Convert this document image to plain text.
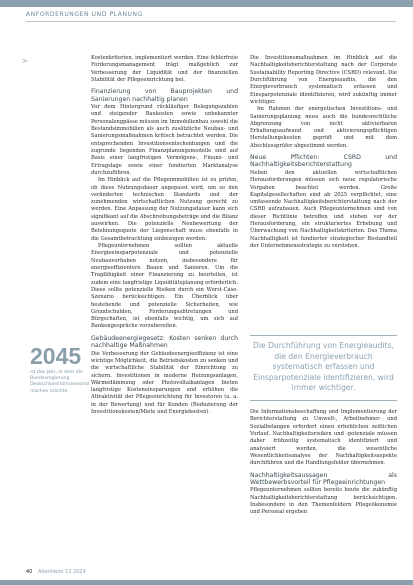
ANFORDERUNGEN UND PLANUNG
>
2045
ist das Jahr, in dem die Bundesregierung Deutschland klimaneutral machen möchte.

Kostenkriterien, implementiert werden. Eine fehlerfreie Forderungsmanagement trägt maßgeblich zur Verbesserung der Liquidität und der finanziellen Stabilität der Pflegeeinrichtung bei.

Finanzierung von Bauprojekten und Sanierungen nachhaltig planen

Vor dem Hintergrund rückläufiger Belegungszahlen und steigender Baukosten sowie unbekannter Personalengpässe müssen im Immobilienbau sowohl die Bestandsimmobilien als auch zusätzliche Neubau- und Sanierungsmaßnahmen kritisch betrachtet werden. Die entsprechenden Investitionsentscheidungen und die zugrunde liegenden Finanzplanungsmodelle sind auf Basis einer langfristigen Vermögens-, Finanz- und Ertragslage sowie einer fundierten Marktanalyse durchzuführen.

Im Hinblick auf die Pflegeimmobilien ist zu prüfen, ob diese Nutzungsdauer angepasst wird, um so den veränderten technischen Standards und der zunehmenden wirtschaftlichen Nutzung gerecht zu werden. Eine Anpassung der Nutzungsdauer kann sich signifikant auf die Abschreibungsbeträge und die Bilanz auswirken. Die potenzielle Neubewertung der Belehnungsquote der Liegenschaft muss ebenfalls in die Gesamtbetrachtung einbezogen werden.

Pflegeunternehmen sollten aktuelle Energieeinsparpotenziale und potenzielle Neubauvorhaben nutzen, insbesondere für energieeffizientere Bauen und Sanieren. Um die Tragfähigkeit einer Finanzierung zu beurteilen, ist zudem eine langfristige Liquiditätsplanung erforderlich. Diese sollte potenzielle Risiken durch ein Worst-Case-Szenario berücksichtigen. Ein Überblick über bestehende und potenzielle Sicherheiten, wie Grundschulden, Forderungsabtretungen und Bürgschaften, ist ebenfalls wichtig, um sich auf Bankengespräche vorzubereiten.

Gebäudeenergiegesetz: Kosten senken durch nachhaltige Maßnahmen

Die Verbesserung der Gebäudeenergieeffizienz ist eine wichtige Möglichkeit, die Betriebskosten zu senken und die wirtschaftliche Stabilität der Einrichtung zu sichern. Investitionen in moderne Heizungsanlagen, Wärmedämmung oder Photovoltaikanlagen bieten langfristige Kosteneinsparungen und erhöhen die Attraktivität der Pflegeeinrichtung für Investoren (u. a. in der Bewertung) und für Kunden (Reduzierung der Investitionskosten/Miete und Energiekosten).

Die Investitionsmaßnahmen im Hinblick auf die Nachhaltigkeitsberichterstattung nach der Corporate Sustainability Reporting Directive (CSRD) relevant. Die Durchführung von Energieaudits, die den Energieverbrauch systematisch erfassen und Einsparpotenziale identifizieren, wird zukünftig immer wichtiger.

Im Rahmen der energetischen Investitions- und Sanierungsplanung muss auch die bundesrechtliche Abgrenzung von nicht aktivierbaren Erhaltungsaufwand und aktivierungspflichtigen Herstellungskosten geprüft und mit dem Abschlussprüfer abgestimmt werden.

Neue Pflichten: CSRD und Nachhaltigkeitsberichterstattung

Neben den aktuellen wirtschaftlichen Herausforderungen müssen sich neue regulatorische Vorgaben beachtet werden. Große Kapitalgesellschaften sind ab 2025 verpflichtet, eine umfassende Nachhaltigkeitsberichterstattung nach der CSRD aufzubauen. Auch Pflegeunternehmen sind von dieser Richtlinie betroffen und stehen vor der Herausforderung, ein strukturiertes Erhebung und Überwachung von Nachhaltigkeitskriterien. Das Thema Nachhaltigkeit ist fundierter strategischer Bestandteil der Unternehmensstrategie zu verstehen.

Die Durchführung von Energieaudits, die den Energieverbrauch systematisch erfassen und Einsparpotenziale identifizieren, wird immer wichtiger.

Die Informationsbeschaffung und Implementierung der Berichterstattung zu Umwelt-, Arbeitnehmer- und Sozialbelangen erfordert einen erheblichen zeitlichen Vorlauf. Nachhaltigkeitsrisiken und -potenziale müssen daher frühzeitig systematisch identifiziert und analysiert werden, die wesentliche Wesentlichkeitsanalyse der Nachhaltigkeitsaspekte durchführen und die Handlungsfelder übernehmen.

Nachhaltigkeitsaussagen als Wettbewerbsvorteil für Pflegeeinrichtungen

Pflegeunternehmen sollten bereits heute die zukünftig Nachhaltigkeitsberichterstattung berücksichtigen. Insbesondere in den Themenfeldern Pflegeökonomie und Personal ergeben

40 Altenheim 12 2024
